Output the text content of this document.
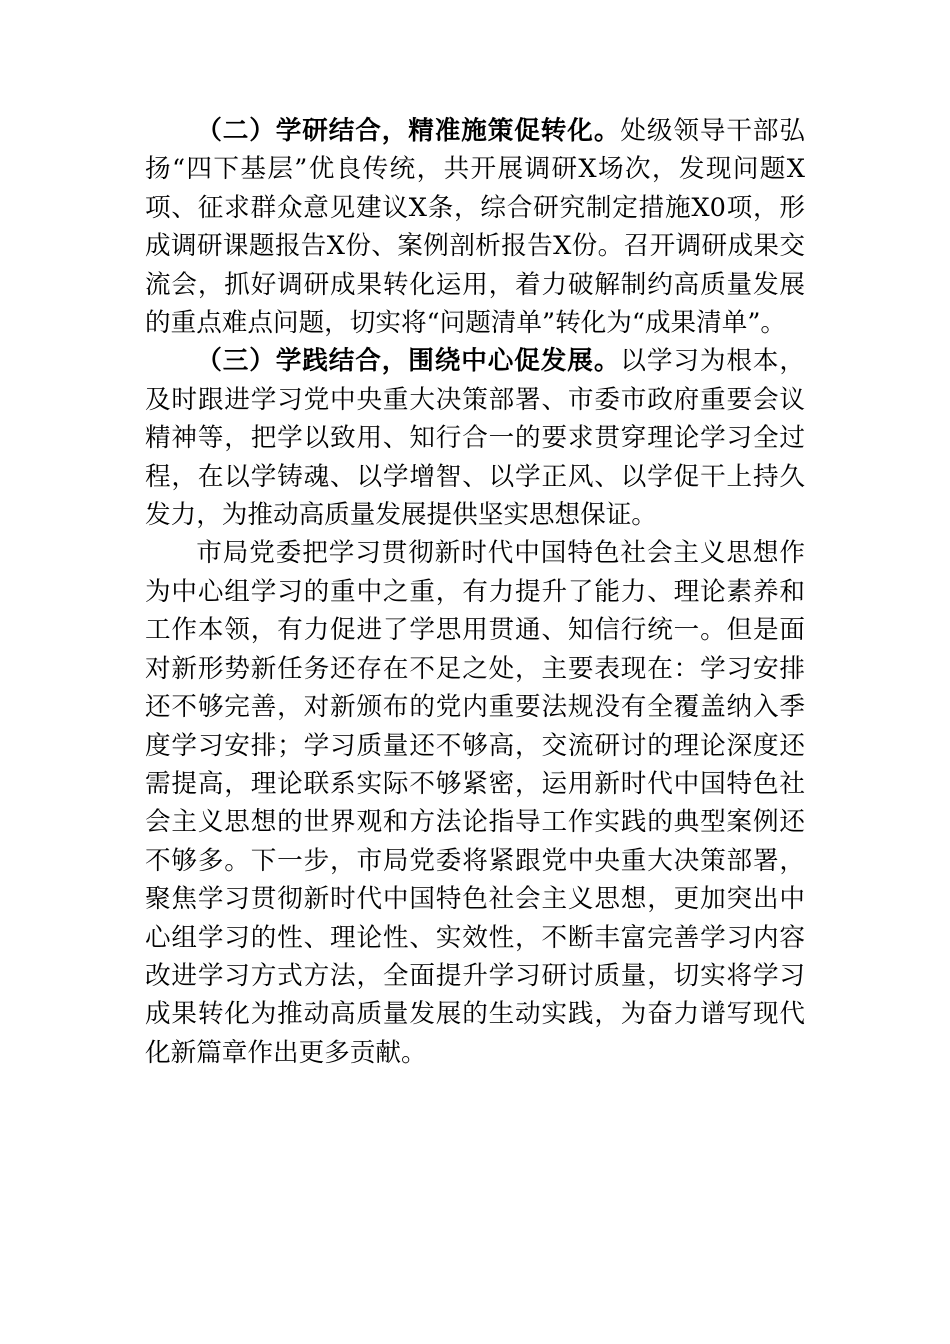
（二）学研结合，精准施策促转化。处级领导干部弘扬“四下基层”优良传统，共开展调研X场次，发现问题X项、征求群众意见建议X条，综合研究制定措施X0项，形成调研课题报告X份、案例剖析报告X份。召开调研成果交流会，抓好调研成果转化运用，着力破解制约高质量发展的重点难点问题，切实将“问题清单”转化为“成果清单”。

（三）学践结合，围绕中心促发展。以学习为根本，及时跟进学习党中央重大决策部署、市委市政府重要会议精神等，把学以致用、知行合一的要求贯穿理论学习全过程，在以学铸魂、以学增智、以学正风、以学促干上持久发力，为推动高质量发展提供坚实思想保证。

市局党委把学习贯彻新时代中国特色社会主义思想作为中心组学习的重中之重，有力提升了能力、理论素养和工作本领，有力促进了学思用贯通、知信行统一。但是面对新形势新任务还存在不足之处，主要表现在：学习安排还不够完善，对新颁布的党内重要法规没有全覆盖纳入季度学习安排；学习质量还不够高，交流研讨的理论深度还需提高，理论联系实际不够紧密，运用新时代中国特色社会主义思想的世界观和方法论指导工作实践的典型案例还不够多。下一步，市局党委将紧跟党中央重大决策部署，聚焦学习贯彻新时代中国特色社会主义思想，更加突出中心组学习的性、理论性、实效性，不断丰富完善学习内容改进学习方式方法，全面提升学习研讨质量，切实将学习成果转化为推动高质量发展的生动实践，为奋力谱写现代化新篇章作出更多贡献。
